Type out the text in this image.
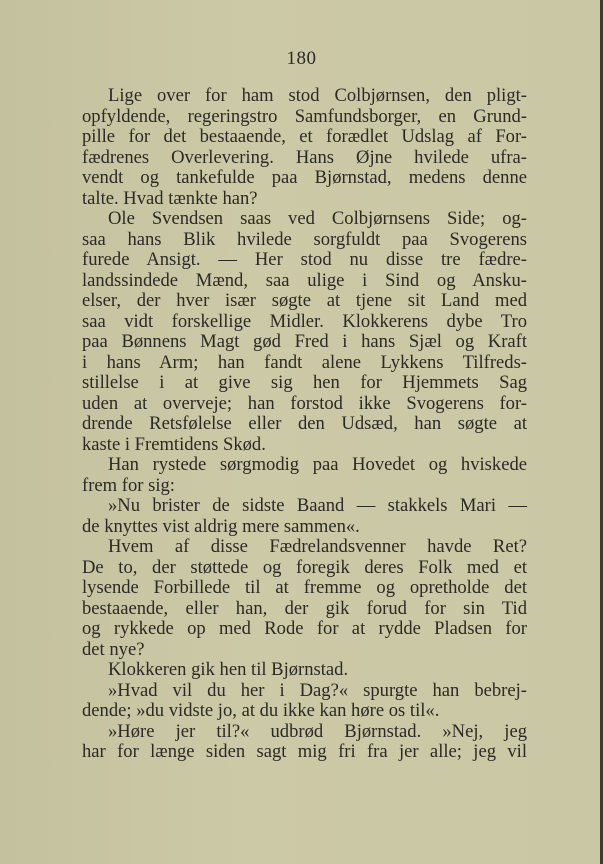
180
Lige over for ham stod Colbjørnsen, den pligt-
opfyldende, regeringstro Samfundsborger, en Grund-
pille for det bestaaende, et forædlet Udslag af For-
fædrenes Overlevering. Hans Øjne hvilede ufra-
vendt og tankefulde paa Bjørnstad, medens denne
talte. Hvad tænkte han?
Ole Svendsen saas ved Colbjørnsens Side; og-
saa hans Blik hvilede sorgfuldt paa Svogerens
furede Ansigt. — Her stod nu disse tre fædre-
landssindede Mænd, saa ulige i Sind og Ansku-
elser, der hver især søgte at tjene sit Land med
saa vidt forskellige Midler. Klokkerens dybe Tro
paa Bønnens Magt gød Fred i hans Sjæl og Kraft
i hans Arm; han fandt alene Lykkens Tilfreds-
stillelse i at give sig hen for Hjemmets Sag
uden at overveje; han forstod ikke Svogerens for-
drende Retsfølelse eller den Udsæd, han søgte at
kaste i Fremtidens Skød.
Han rystede sørgmodig paa Hovedet og hviskede
frem for sig:
»Nu brister de sidste Baand — stakkels Mari —
de knyttes vist aldrig mere sammen«.
Hvem af disse Fædrelandsvenner havde Ret?
De to, der støttede og foregik deres Folk med et
lysende Forbillede til at fremme og opretholde det
bestaaende, eller han, der gik forud for sin Tid
og rykkede op med Rode for at rydde Pladsen for
det nye?
Klokkeren gik hen til Bjørnstad.
»Hvad vil du her i Dag?« spurgte han bebrej-
dende; »du vidste jo, at du ikke kan høre os til«.
»Høre jer til?« udbrød Bjørnstad. »Nej, jeg
har for længe siden sagt mig fri fra jer alle; jeg vil
